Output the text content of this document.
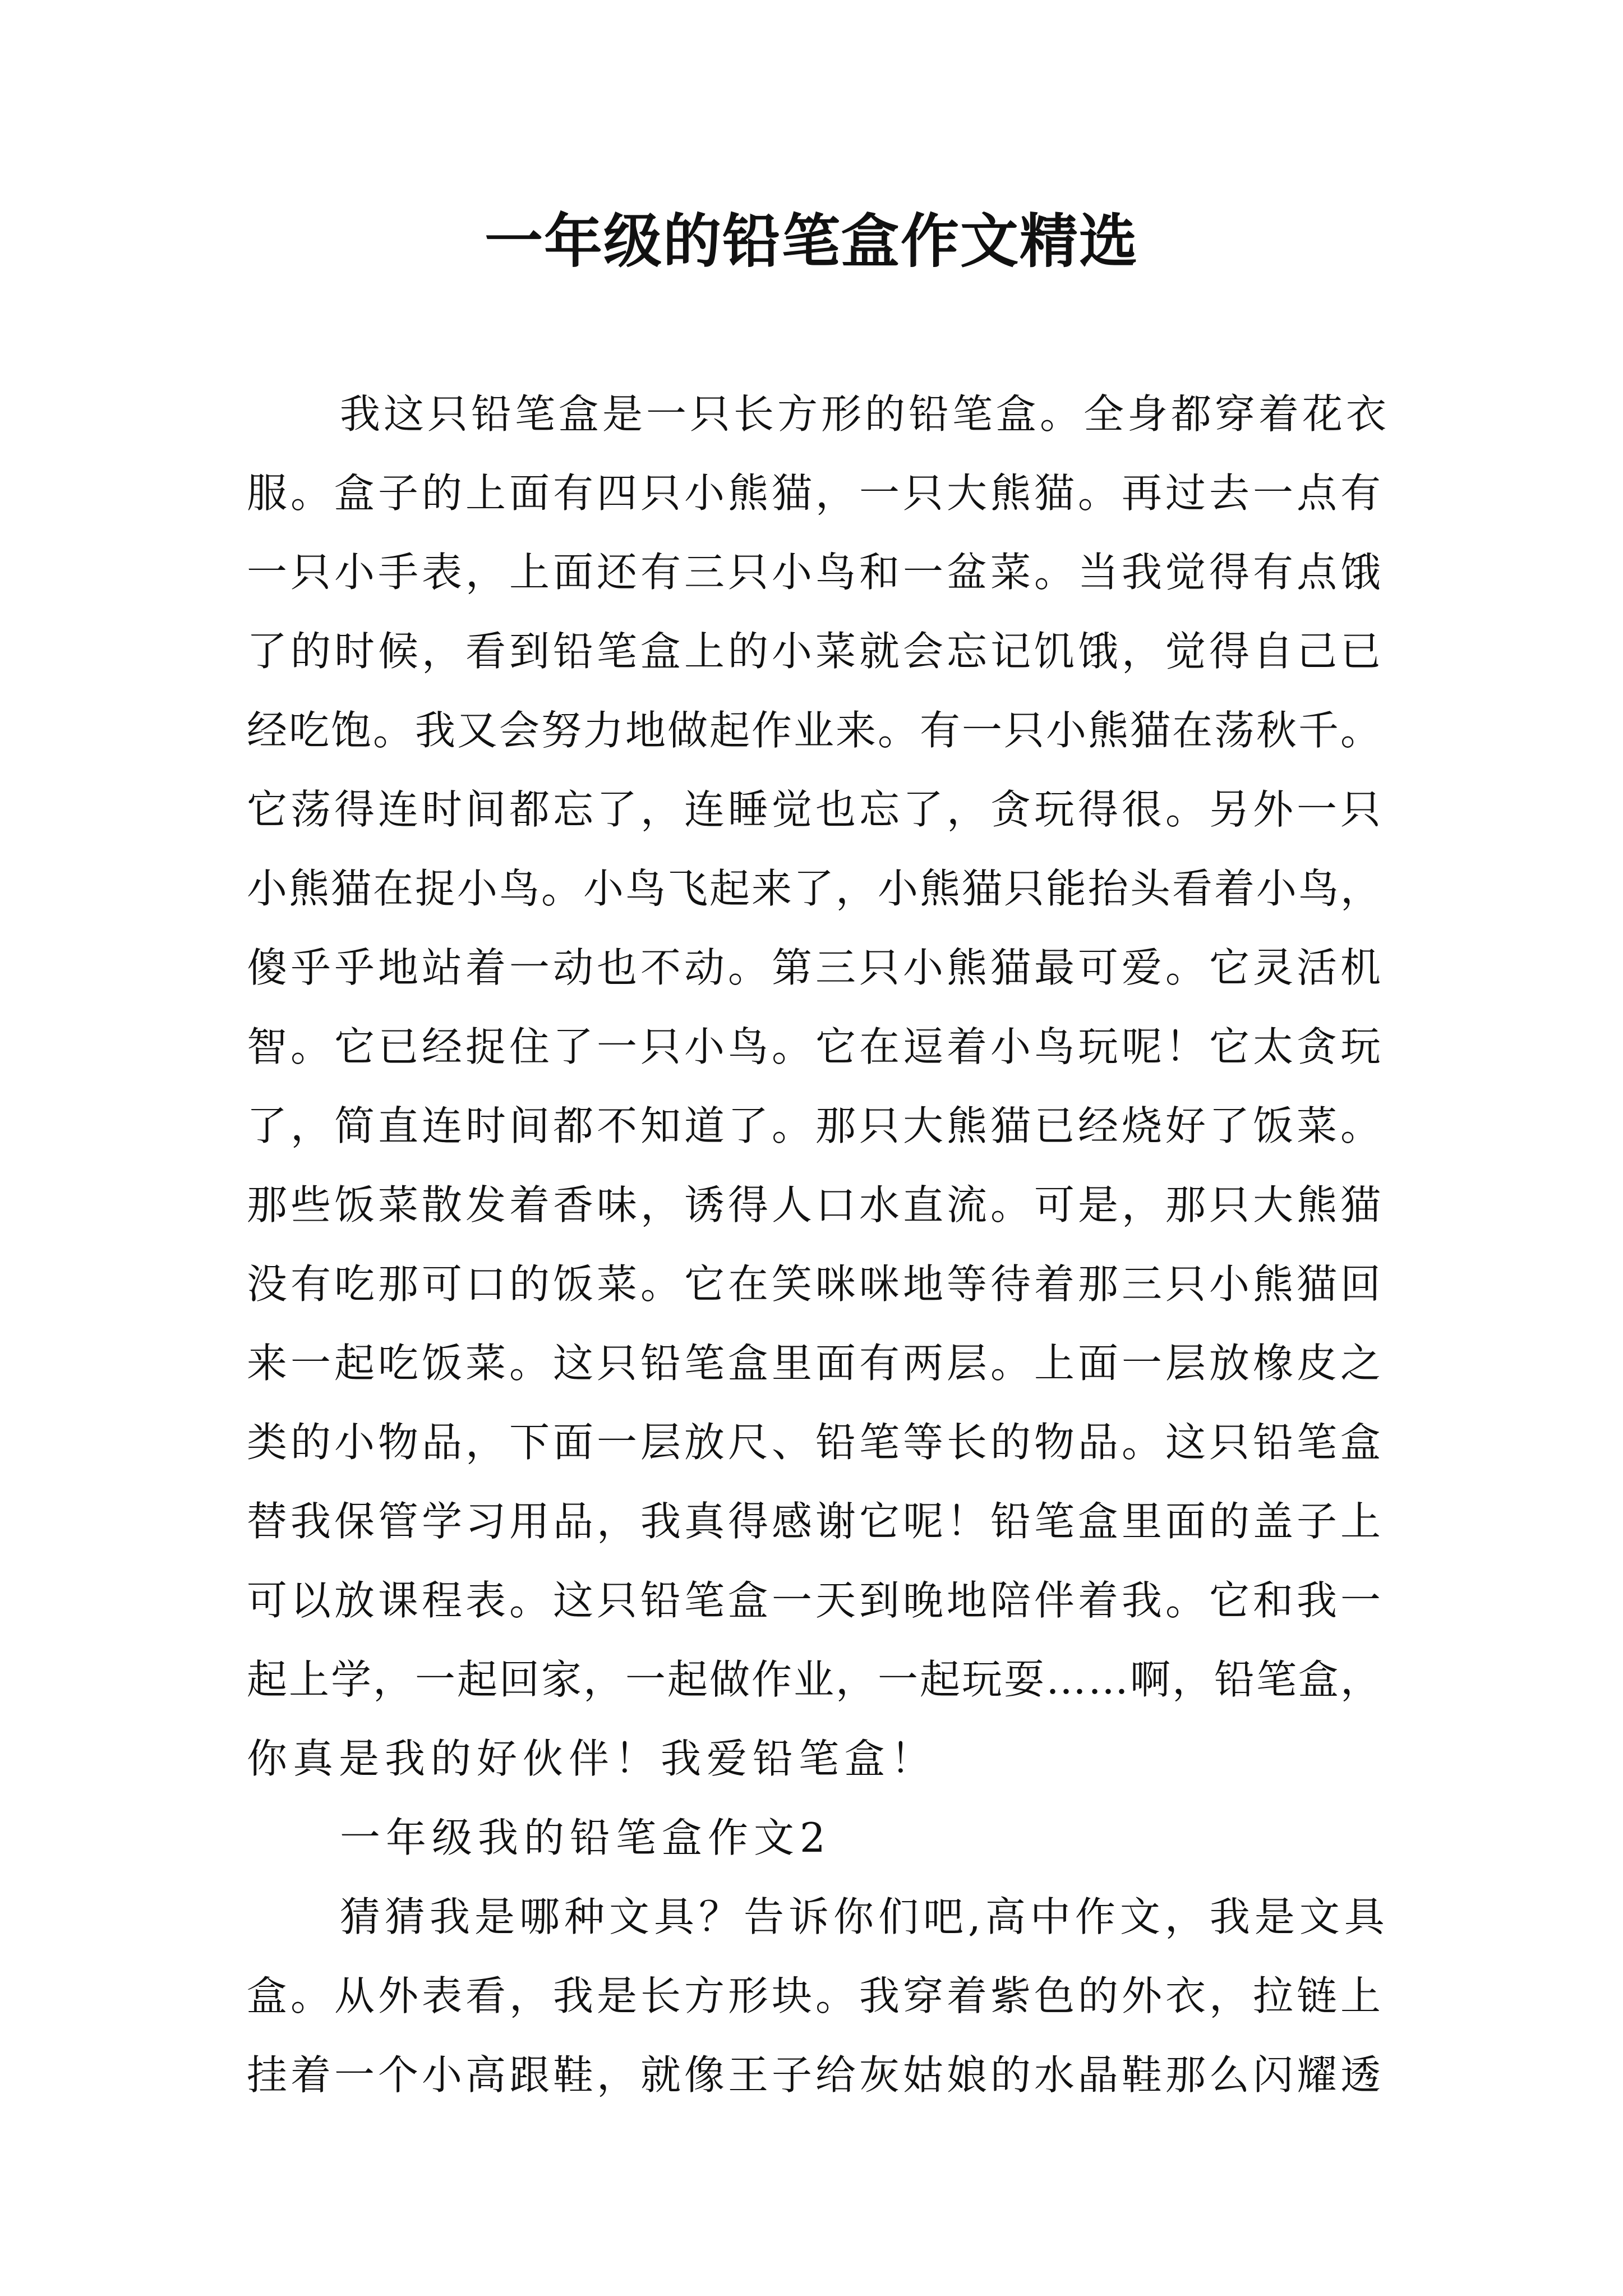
一年级的铅笔盒作文精选

我这只铅笔盒是一只长方形的铅笔盒。全身都穿着花衣

服。盒子的上面有四只小熊猫，一只大熊猫。再过去一点有

一只小手表，上面还有三只小鸟和一盆菜。当我觉得有点饿

了的时候，看到铅笔盒上的小菜就会忘记饥饿，觉得自己已

经吃饱。我又会努力地做起作业来。有一只小熊猫在荡秋千。

它荡得连时间都忘了，连睡觉也忘了，贪玩得很。另外一只

小熊猫在捉小鸟。小鸟飞起来了，小熊猫只能抬头看着小鸟，

傻乎乎地站着一动也不动。第三只小熊猫最可爱。它灵活机

智。它已经捉住了一只小鸟。它在逗着小鸟玩呢！它太贪玩

了，简直连时间都不知道了。那只大熊猫已经烧好了饭菜。

那些饭菜散发着香味，诱得人口水直流。可是，那只大熊猫

没有吃那可口的饭菜。它在笑咪咪地等待着那三只小熊猫回

来一起吃饭菜。这只铅笔盒里面有两层。上面一层放橡皮之

类的小物品，下面一层放尺、铅笔等长的物品。这只铅笔盒

替我保管学习用品，我真得感谢它呢！铅笔盒里面的盖子上

可以放课程表。这只铅笔盒一天到晚地陪伴着我。它和我一

起上学，一起回家，一起做作业，一起玩耍……啊，铅笔盒，

你真是我的好伙伴！我爱铅笔盒！

一年级我的铅笔盒作文2

猜猜我是哪种文具？告诉你们吧,高中作文，我是文具

盒。从外表看，我是长方形块。我穿着紫色的外衣，拉链上

挂着一个小高跟鞋，就像王子给灰姑娘的水晶鞋那么闪耀透
